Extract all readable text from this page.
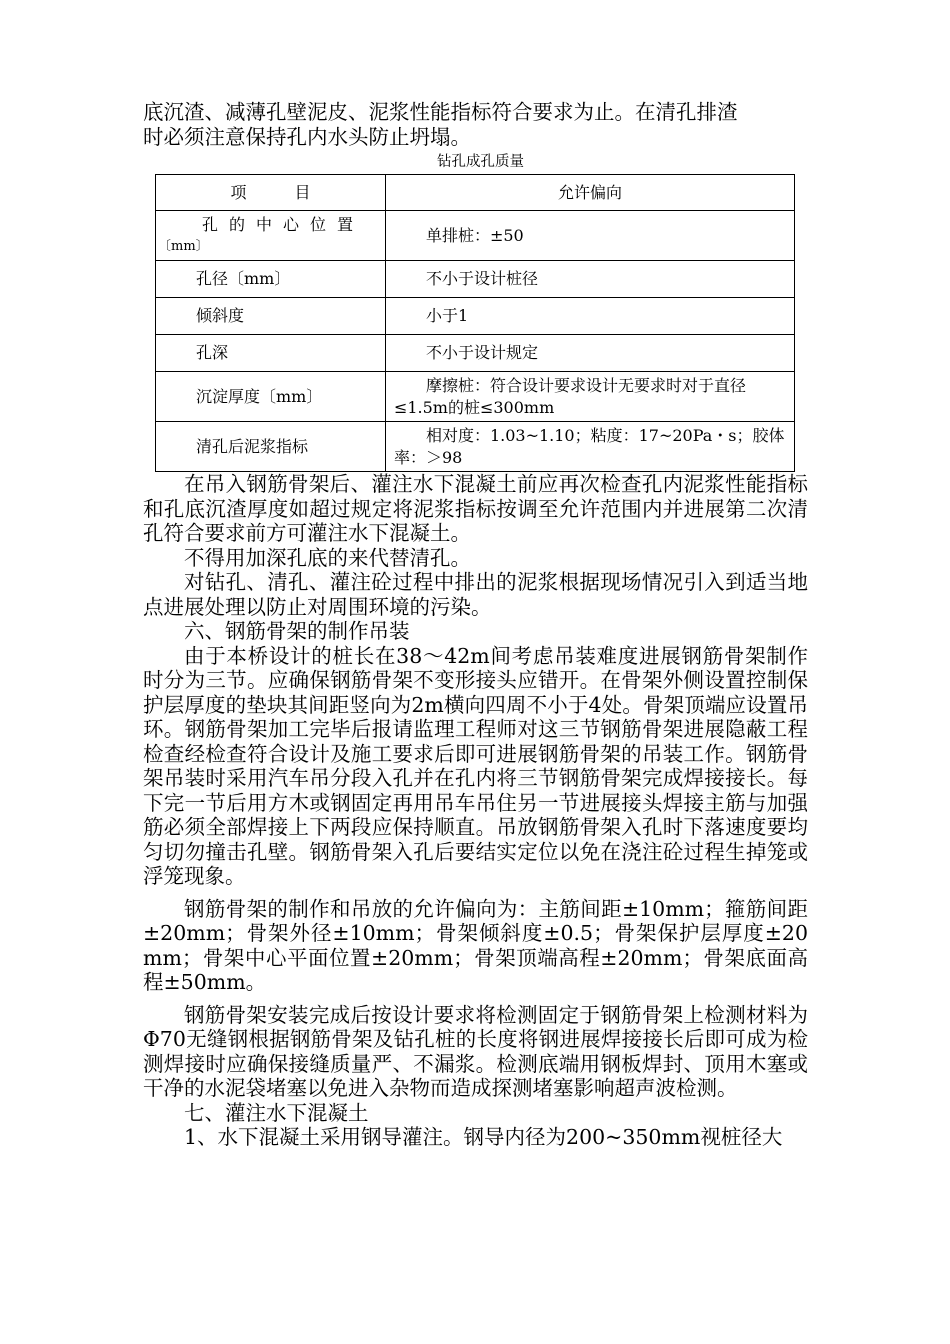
底沉渣、减薄孔壁泥皮、泥浆性能指标符合要求为止。在清孔排渣

时必须注意保持孔内水头防止坍塌。

钻孔成孔质量
项　　　目	允许偏向

孔的中心位置
〔mm〕	单排桩：±50
孔径〔mm〕	不小于设计桩径
倾斜度	小于1
孔深	不小于设计规定
沉淀厚度〔mm〕	摩擦桩：符合设计要求设计无要求时对于直径≤1.5m的桩≤300mm
清孔后泥浆指标	相对度：1.03~1.10；粘度：17~20Pa・s；胶体率：＞98

在吊入钢筋骨架后、灌注水下混凝土前应再次检查孔内泥浆性能指标和孔底沉渣厚度如超过规定将泥浆指标按调至允许范围内并进展第二次清孔符合要求前方可灌注水下混凝土。

不得用加深孔底的来代替清孔。

对钻孔、清孔、灌注砼过程中排出的泥浆根据现场情况引入到适当地点进展处理以防止对周围环境的污染。

六、钢筋骨架的制作吊装

由于本桥设计的桩长在38～42m间考虑吊装难度进展钢筋骨架制作时分为三节。应确保钢筋骨架不变形接头应错开。在骨架外侧设置控制保护层厚度的垫块其间距竖向为2m横向四周不小于4处。骨架顶端应设置吊环。钢筋骨架加工完毕后报请监理工程师对这三节钢筋骨架进展隐蔽工程检查经检查符合设计及施工要求后即可进展钢筋骨架的吊装工作。钢筋骨架吊装时采用汽车吊分段入孔并在孔内将三节钢筋骨架完成焊接接长。每下完一节后用方木或钢固定再用吊车吊住另一节进展接头焊接主筋与加强筋必须全部焊接上下两段应保持顺直。吊放钢筋骨架入孔时下落速度要均匀切勿撞击孔壁。钢筋骨架入孔后要结实定位以免在浇注砼过程生掉笼或浮笼现象。

钢筋骨架的制作和吊放的允许偏向为：主筋间距±10mm；箍筋间距±20mm；骨架外径±10mm；骨架倾斜度±0.5；骨架保护层厚度±20mm；骨架中心平面位置±20mm；骨架顶端高程±20mm；骨架底面高程±50mm。

钢筋骨架安装完成后按设计要求将检测固定于钢筋骨架上检测材料为Φ70无缝钢根据钢筋骨架及钻孔桩的长度将钢进展焊接接长后即可成为检测焊接时应确保接缝质量严、不漏浆。检测底端用钢板焊封、顶用木塞或干净的水泥袋堵塞以免进入杂物而造成探测堵塞影响超声波检测。

七、灌注水下混凝土

1、水下混凝土采用钢导灌注。钢导内径为200~350mm视桩径大
